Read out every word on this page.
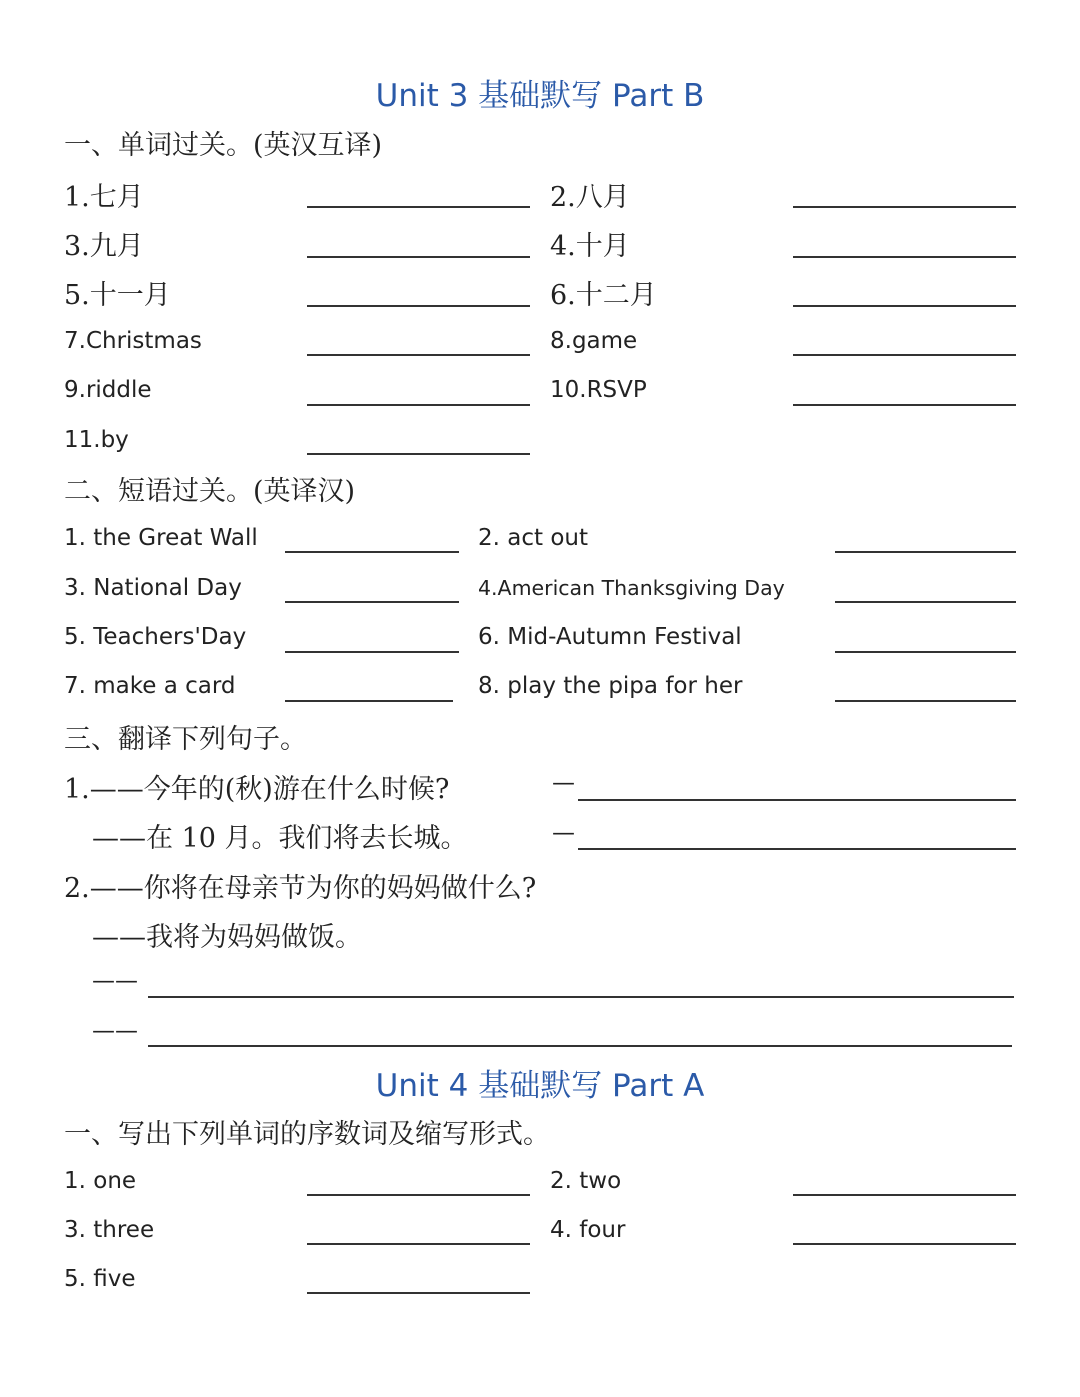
Unit 3 基础默写 Part B
一、单词过关。(英汉互译)
1.七月	2.八月
3.九月	4.十月
5.十一月	6.十二月
7.Christmas	8.game
9.riddle	10.RSVP
11.by
二、短语过关。(英译汉)
1. the Great Wall	2. act out
3. National Day	4.American Thanksgiving Day
5. Teachers'Day	6. Mid-Autumn Festival
7. make a card	8. play the pipa for her
三、翻译下列句子。
1.——今年的(秋)游在什么时候?	—
——在 10 月。我们将去长城。	—
2.——你将在母亲节为你的妈妈做什么?
——我将为妈妈做饭。
——
——
Unit 4 基础默写 Part A
一、写出下列单词的序数词及缩写形式。
1. one	2. two
3. three	4. four
5. five
